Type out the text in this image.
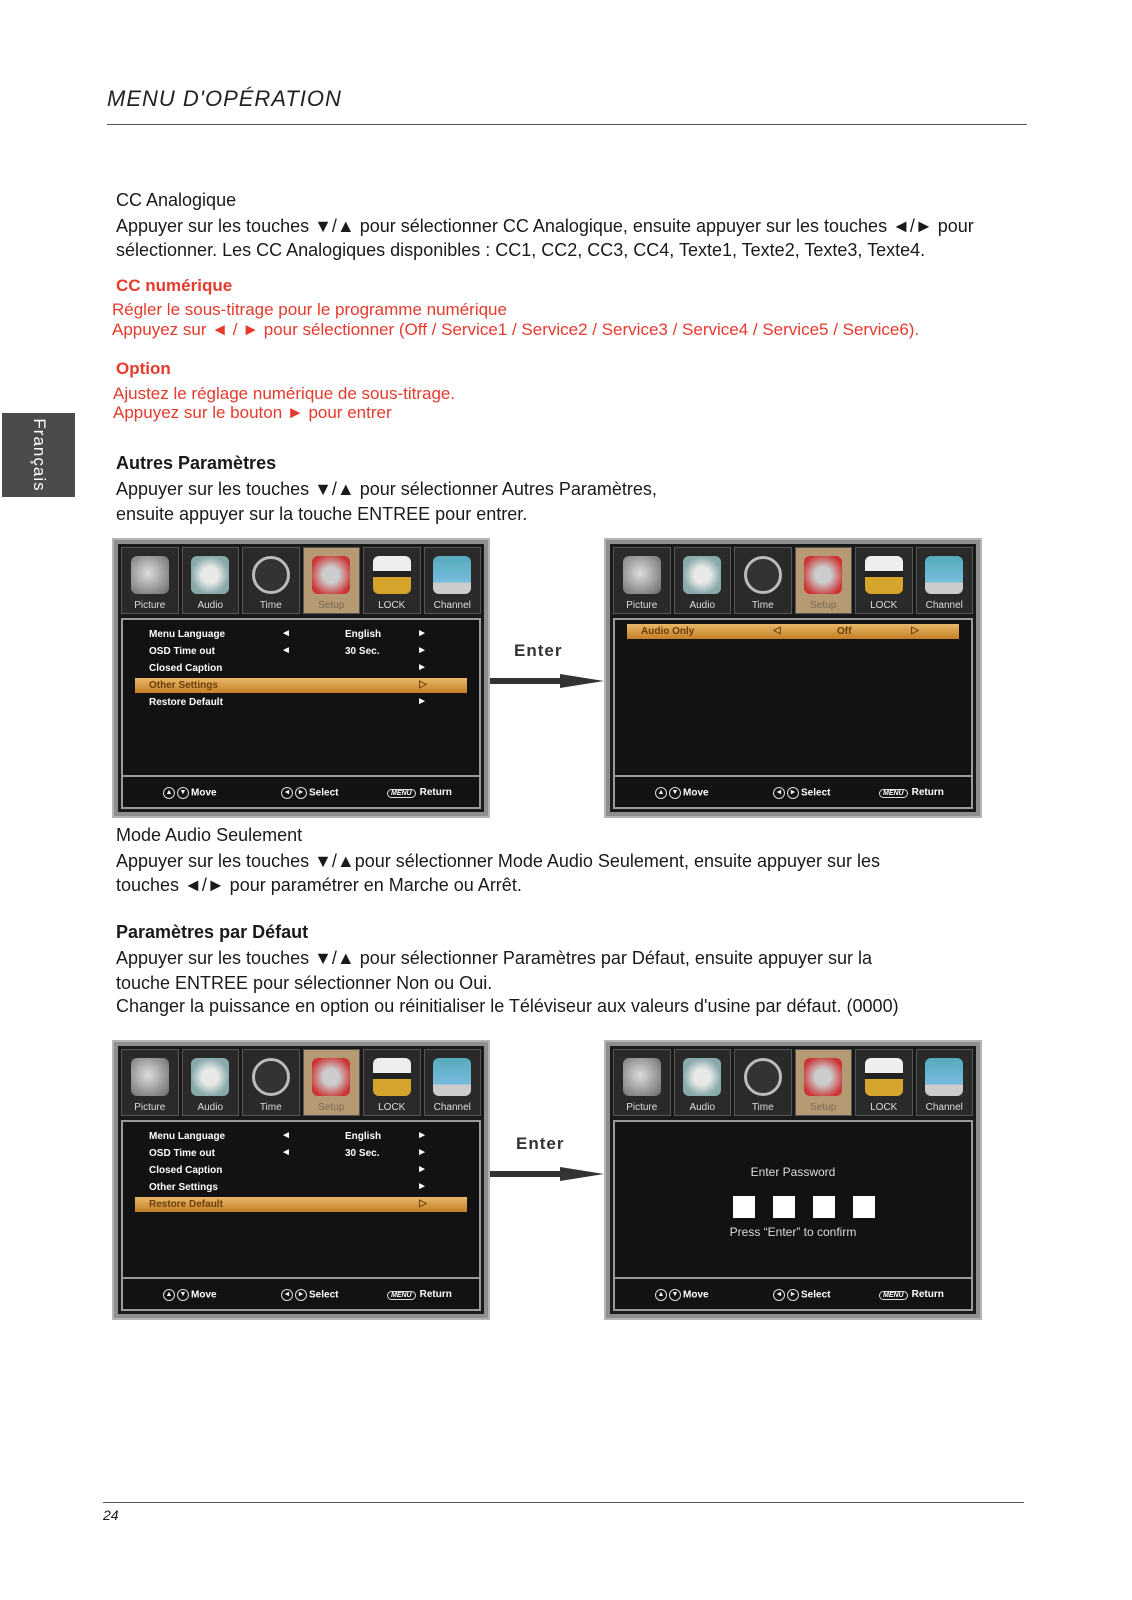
MENU D'OPÉRATION
Français
CC Analogique
Appuyer sur les touches ▼/▲ pour sélectionner CC Analogique, ensuite appuyer sur les touches ◄/► pour
sélectionner. Les CC Analogiques disponibles : CC1, CC2, CC3, CC4, Texte1, Texte2, Texte3, Texte4.
CC numérique
Régler le sous-titrage pour le programme numérique
Appuyez sur ◄ / ► pour sélectionner (Off / Service1 / Service2 / Service3 / Service4 / Service5 / Service6).
Option
Ajustez le réglage numérique de sous-titrage.
Appuyez sur le bouton ► pour entrer
Autres Paramètres
Appuyer sur les touches ▼/▲ pour sélectionner Autres Paramètres,
ensuite appuyer sur la touche ENTREE pour entrer.
Picture	Audio	Time	Setup	LOCK	Channel
Menu Language	◄	English	►
OSD Time out	◄	30 Sec.	►
Closed Caption	►
Other Settings	▷
Restore Default	►
▲ ▼ Move	◄ ► Select	MENU Return
Enter
Picture	Audio	Time	Setup	LOCK	Channel
Audio Only	◁	Off	▷
▲ ▼ Move	◄ ► Select	MENU Return
Mode Audio Seulement
Appuyer sur les touches ▼/▲pour sélectionner Mode Audio Seulement, ensuite appuyer sur les
touches ◄/► pour paramétrer en Marche ou Arrêt.
Paramètres par Défaut
Appuyer sur les touches ▼/▲ pour sélectionner Paramètres par Défaut, ensuite appuyer sur la
touche ENTREE pour sélectionner Non ou Oui.
Changer la puissance en option ou réinitialiser le Téléviseur aux valeurs d'usine par défaut. (0000)
Picture	Audio	Time	Setup	LOCK	Channel
Menu Language	◄	English	►
OSD Time out	◄	30 Sec.	►
Closed Caption	►
Other Settings	►
Restore Default	▷
▲ ▼ Move	◄ ► Select	MENU Return
Enter
Picture	Audio	Time	Setup	LOCK	Channel
Enter Password
Press “Enter” to confirm
▲ ▼ Move	◄ ► Select	MENU Return
24
